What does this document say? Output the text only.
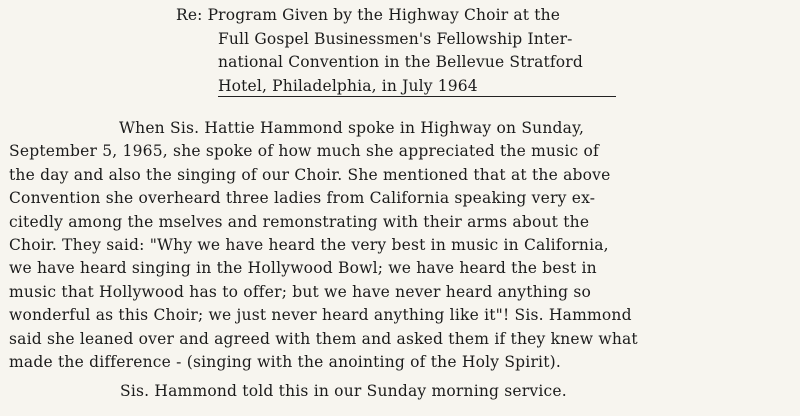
Re: Program Given by the Highway Choir at the
Full Gospel Businessmen's Fellowship Inter-
national Convention in the Bellevue Stratford
Hotel, Philadelphia, in July 1964
When Sis. Hattie Hammond spoke in Highway on Sunday,
September 5, 1965, she spoke of how much she appreciated the music of
the day and also the singing of our Choir. She mentioned that at the above
Convention she overheard three ladies from California speaking very ex-
citedly among the mselves and remonstrating with their arms about the
Choir. They said: "Why we have heard the very best in music in California,
we have heard singing in the Hollywood Bowl; we have heard the best in
music that Hollywood has to offer; but we have never heard anything so
wonderful as this Choir; we just never heard anything like it"! Sis. Hammond
said she leaned over and agreed with them and asked them if they knew what
made the difference - (singing with the anointing of the Holy Spirit).
Sis. Hammond told this in our Sunday morning service.
